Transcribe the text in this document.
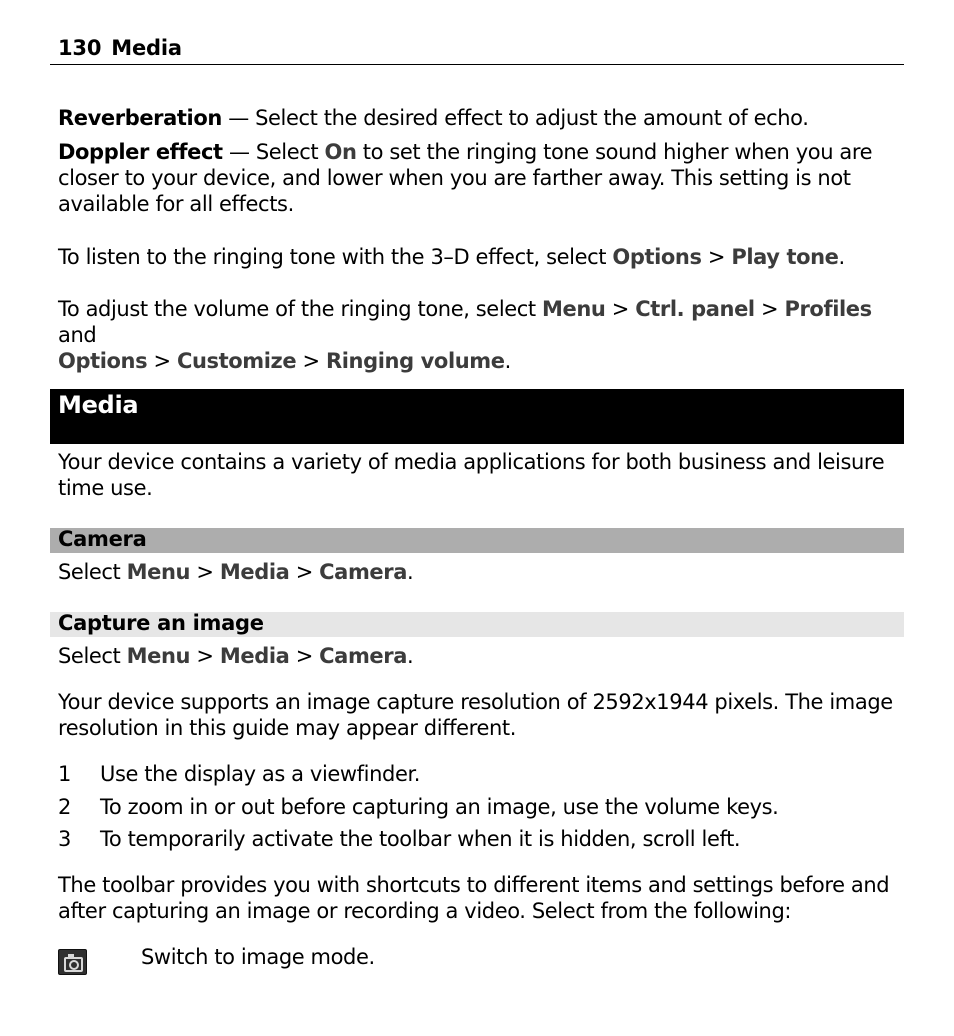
130 Media
Reverberation — Select the desired effect to adjust the amount of echo.
Doppler effect — Select On to set the ringing tone sound higher when you are closer to your device, and lower when you are farther away. This setting is not available for all effects.
To listen to the ringing tone with the 3–D effect, select Options > Play tone.
To adjust the volume of the ringing tone, select Menu > Ctrl. panel > Profiles and
Options > Customize > Ringing volume.
Media
Your device contains a variety of media applications for both business and leisure time use.
Camera
Select Menu > Media > Camera.
Capture an image
Select Menu > Media > Camera.
Your device supports an image capture resolution of 2592x1944 pixels. The image resolution in this guide may appear different.
1 Use the display as a viewfinder.
2 To zoom in or out before capturing an image, use the volume keys.
3 To temporarily activate the toolbar when it is hidden, scroll left.
The toolbar provides you with shortcuts to different items and settings before and after capturing an image or recording a video. Select from the following:
Switch to image mode.
